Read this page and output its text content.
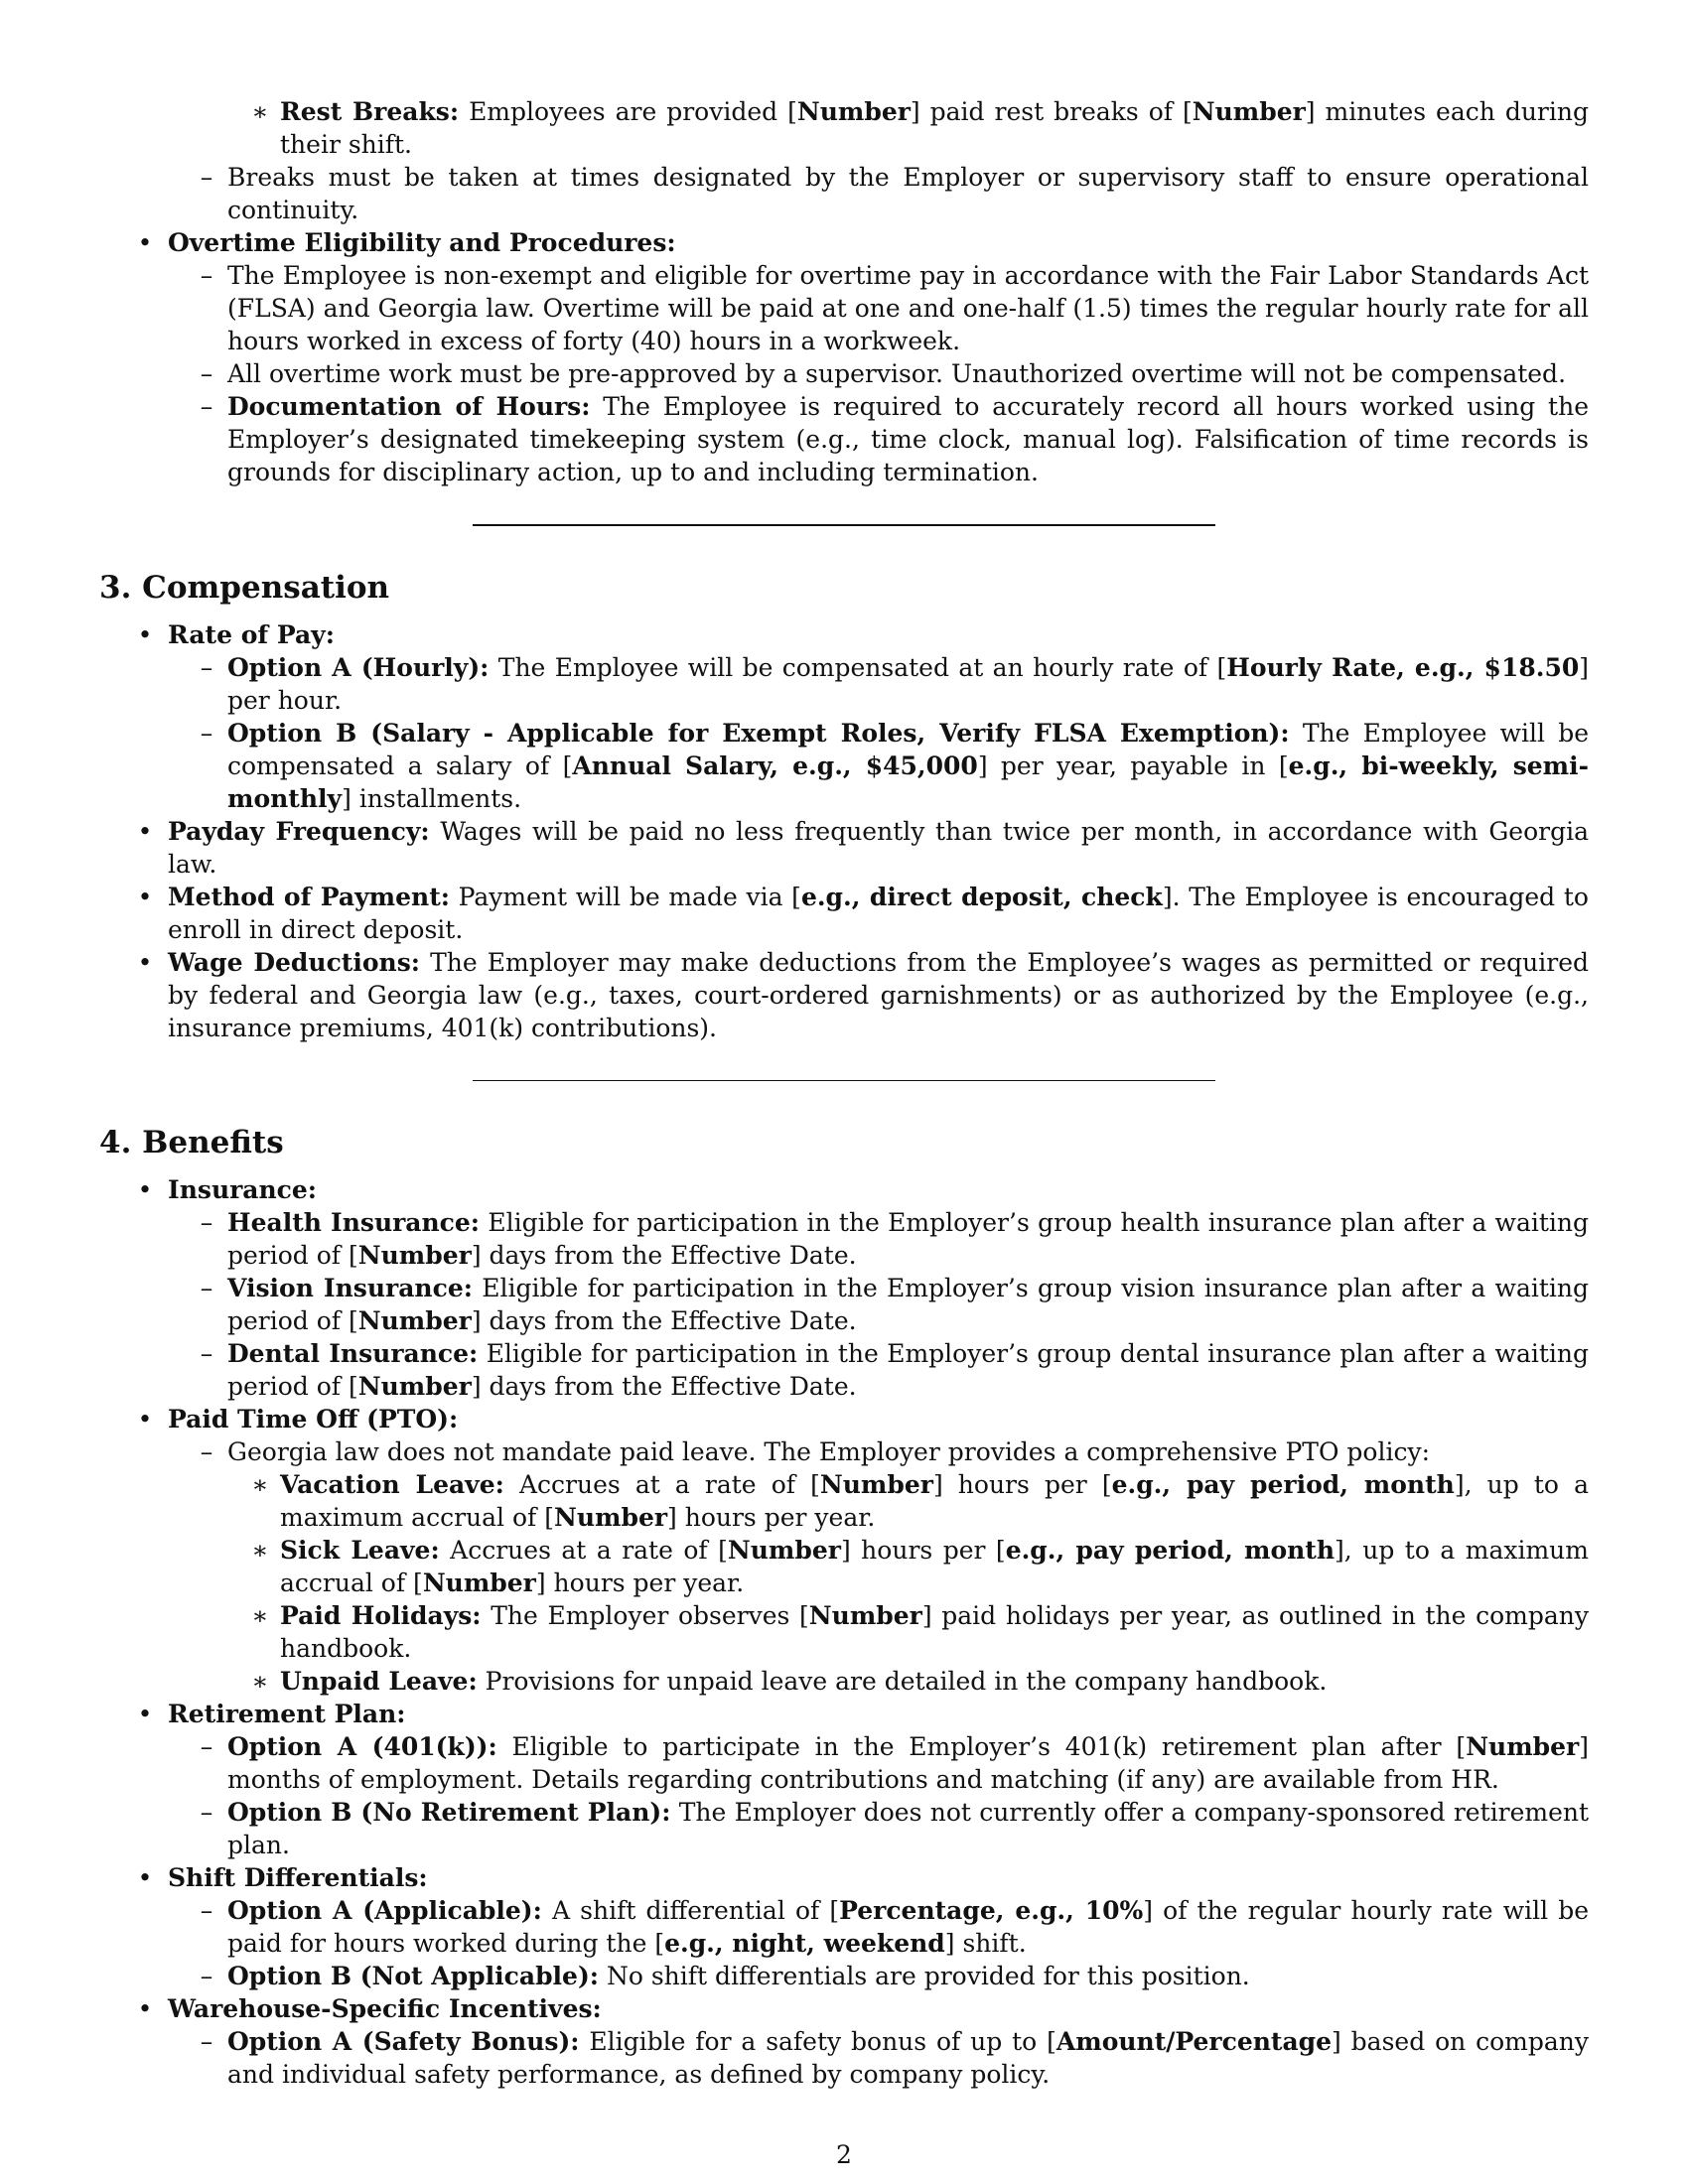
∗ Rest Breaks: Employees are provided [Number] paid rest breaks of [Number] minutes each during their shift.
– Breaks must be taken at times designated by the Employer or supervisory staff to ensure operational continuity.
• Overtime Eligibility and Procedures:
– The Employee is non-exempt and eligible for overtime pay in accordance with the Fair Labor Standards Act (FLSA) and Georgia law. Overtime will be paid at one and one-half (1.5) times the regular hourly rate for all hours worked in excess of forty (40) hours in a workweek.
– All overtime work must be pre-approved by a supervisor. Unauthorized overtime will not be compensated.
– Documentation of Hours: The Employee is required to accurately record all hours worked using the Employer’s designated timekeeping system (e.g., time clock, manual log). Falsification of time records is grounds for disciplinary action, up to and including termination.
3. Compensation
• Rate of Pay:
– Option A (Hourly): The Employee will be compensated at an hourly rate of [Hourly Rate, e.g., $18.50] per hour.
– Option B (Salary - Applicable for Exempt Roles, Verify FLSA Exemption): The Employee will be compensated a salary of [Annual Salary, e.g., $45,000] per year, payable in [e.g., bi-weekly, semi-monthly] installments.
• Payday Frequency: Wages will be paid no less frequently than twice per month, in accordance with Georgia law.
• Method of Payment: Payment will be made via [e.g., direct deposit, check]. The Employee is encouraged to enroll in direct deposit.
• Wage Deductions: The Employer may make deductions from the Employee’s wages as permitted or required by federal and Georgia law (e.g., taxes, court-ordered garnishments) or as authorized by the Employee (e.g., insurance premiums, 401(k) contributions).
4. Benefits
• Insurance:
– Health Insurance: Eligible for participation in the Employer’s group health insurance plan after a waiting period of [Number] days from the Effective Date.
– Vision Insurance: Eligible for participation in the Employer’s group vision insurance plan after a waiting period of [Number] days from the Effective Date.
– Dental Insurance: Eligible for participation in the Employer’s group dental insurance plan after a waiting period of [Number] days from the Effective Date.
• Paid Time Off (PTO):
– Georgia law does not mandate paid leave. The Employer provides a comprehensive PTO policy:
∗ Vacation Leave: Accrues at a rate of [Number] hours per [e.g., pay period, month], up to a maximum accrual of [Number] hours per year.
∗ Sick Leave: Accrues at a rate of [Number] hours per [e.g., pay period, month], up to a maximum accrual of [Number] hours per year.
∗ Paid Holidays: The Employer observes [Number] paid holidays per year, as outlined in the company handbook.
∗ Unpaid Leave: Provisions for unpaid leave are detailed in the company handbook.
• Retirement Plan:
– Option A (401(k)): Eligible to participate in the Employer’s 401(k) retirement plan after [Number] months of employment. Details regarding contributions and matching (if any) are available from HR.
– Option B (No Retirement Plan): The Employer does not currently offer a company-sponsored retirement plan.
• Shift Differentials:
– Option A (Applicable): A shift differential of [Percentage, e.g., 10%] of the regular hourly rate will be paid for hours worked during the [e.g., night, weekend] shift.
– Option B (Not Applicable): No shift differentials are provided for this position.
• Warehouse-Specific Incentives:
– Option A (Safety Bonus): Eligible for a safety bonus of up to [Amount/Percentage] based on company and individual safety performance, as defined by company policy.
2
